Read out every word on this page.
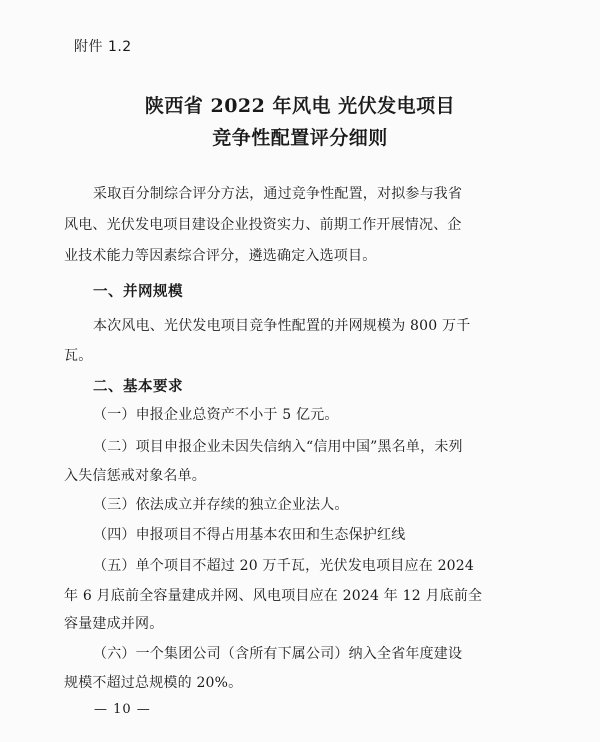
附件 1.2
陕西省 2022 年风电 光伏发电项目
竞争性配置评分细则
采取百分制综合评分方法，通过竞争性配置，对拟参与我省
风电、光伏发电项目建设企业投资实力、前期工作开展情况、企
业技术能力等因素综合评分，遴选确定入选项目。
一、并网规模
本次风电、光伏发电项目竞争性配置的并网规模为 800 万千
瓦。
二、基本要求
（一）申报企业总资产不小于 5 亿元。
（二）项目申报企业未因失信纳入“信用中国”黑名单，未列
入失信惩戒对象名单。
（三）依法成立并存续的独立企业法人。
（四）申报项目不得占用基本农田和生态保护红线
（五）单个项目不超过 20 万千瓦，光伏发电项目应在 2024
年 6 月底前全容量建成并网、风电项目应在 2024 年 12 月底前全
容量建成并网。
（六）一个集团公司（含所有下属公司）纳入全省年度建设
规模不超过总规模的 20%。
— 10 —
